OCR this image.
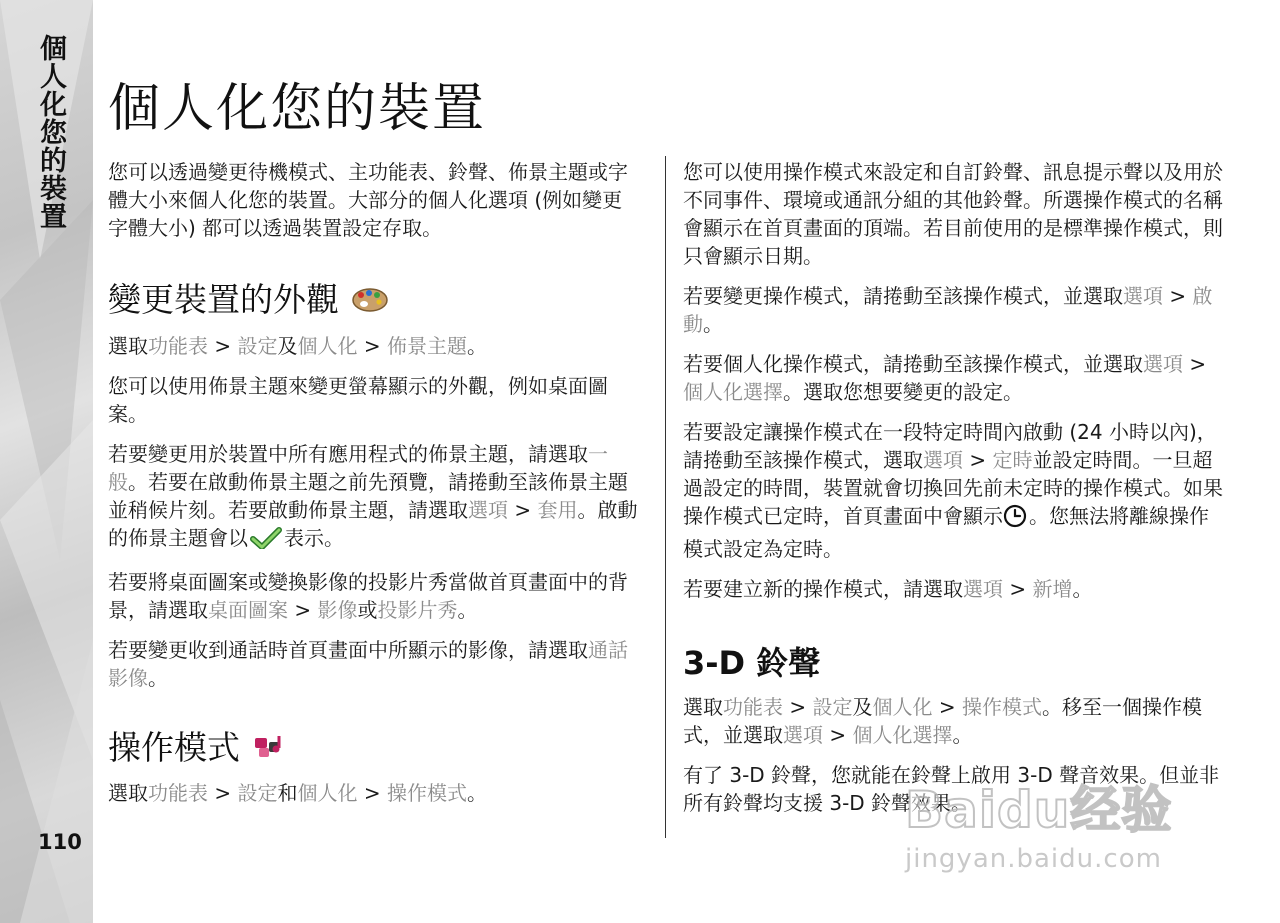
個人化您的裝置
110
個人化您的裝置

您可以透過變更待機模式、主功能表、鈴聲、佈景主題或字體大小來個人化您的裝置。大部分的個人化選項 (例如變更字體大小) 都可以透過裝置設定存取。

變更裝置的外觀

選取功能表 > 設定及個人化 > 佈景主題。

您可以使用佈景主題來變更螢幕顯示的外觀，例如桌面圖案。

若要變更用於裝置中所有應用程式的佈景主題，請選取一般。若要在啟動佈景主題之前先預覽，請捲動至該佈景主題並稍候片刻。若要啟動佈景主題，請選取選項 > 套用。啟動的佈景主題會以 表示。

若要將桌面圖案或變換影像的投影片秀當做首頁畫面中的背景，請選取桌面圖案 > 影像或投影片秀。

若要變更收到通話時首頁畫面中所顯示的影像，請選取通話影像。

操作模式

選取功能表 > 設定和個人化 > 操作模式。

您可以使用操作模式來設定和自訂鈴聲、訊息提示聲以及用於不同事件、環境或通訊分組的其他鈴聲。所選操作模式的名稱會顯示在首頁畫面的頂端。若目前使用的是標準操作模式，則只會顯示日期。

若要變更操作模式，請捲動至該操作模式，並選取選項 > 啟動。

若要個人化操作模式，請捲動至該操作模式，並選取選項 > 個人化選擇。選取您想要變更的設定。

若要設定讓操作模式在一段特定時間內啟動 (24 小時以內)，請捲動至該操作模式，選取選項 > 定時並設定時間。一旦超過設定的時間，裝置就會切換回先前未定時的操作模式。如果操作模式已定時，首頁畫面中會顯示 。您無法將離線操作模式設定為定時。

若要建立新的操作模式，請選取選項 > 新增。

3-D 鈴聲

選取功能表 > 設定及個人化 > 操作模式。移至一個操作模式，並選取選項 > 個人化選擇。

有了 3-D 鈴聲，您就能在鈴聲上啟用 3-D 聲音效果。但並非所有鈴聲均支援 3-D 鈴聲效果。

Baidu经验
jingyan.baidu.com
